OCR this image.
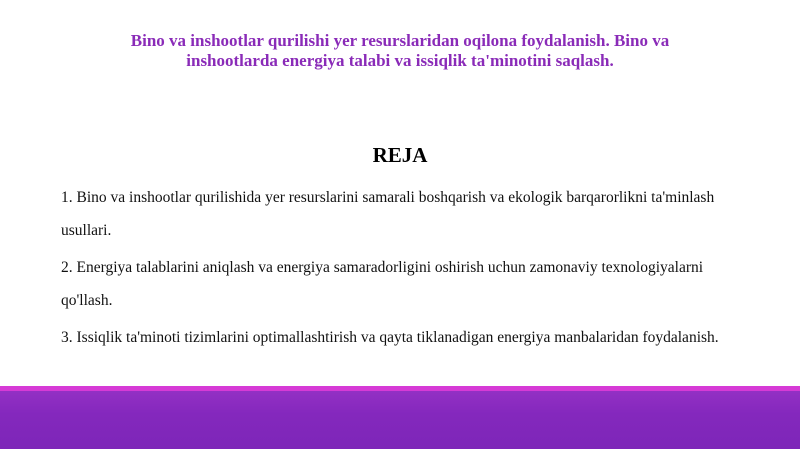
Bino va inshootlar qurilishi yer resurslaridan oqilona foydalanish. Bino va inshootlarda energiya talabi va issiqlik ta'minotini saqlash.
REJA
1. Bino va inshootlar qurilishida yer resurslarini samarali boshqarish va ekologik barqarorlikni ta'minlash usullari.
2. Energiya talablarini aniqlash va energiya samaradorligini oshirish uchun zamonaviy texnologiyalarni qo'llash.
3. Issiqlik ta'minoti tizimlarini optimallashtirish va qayta tiklanadigan energiya manbalaridan foydalanish.
